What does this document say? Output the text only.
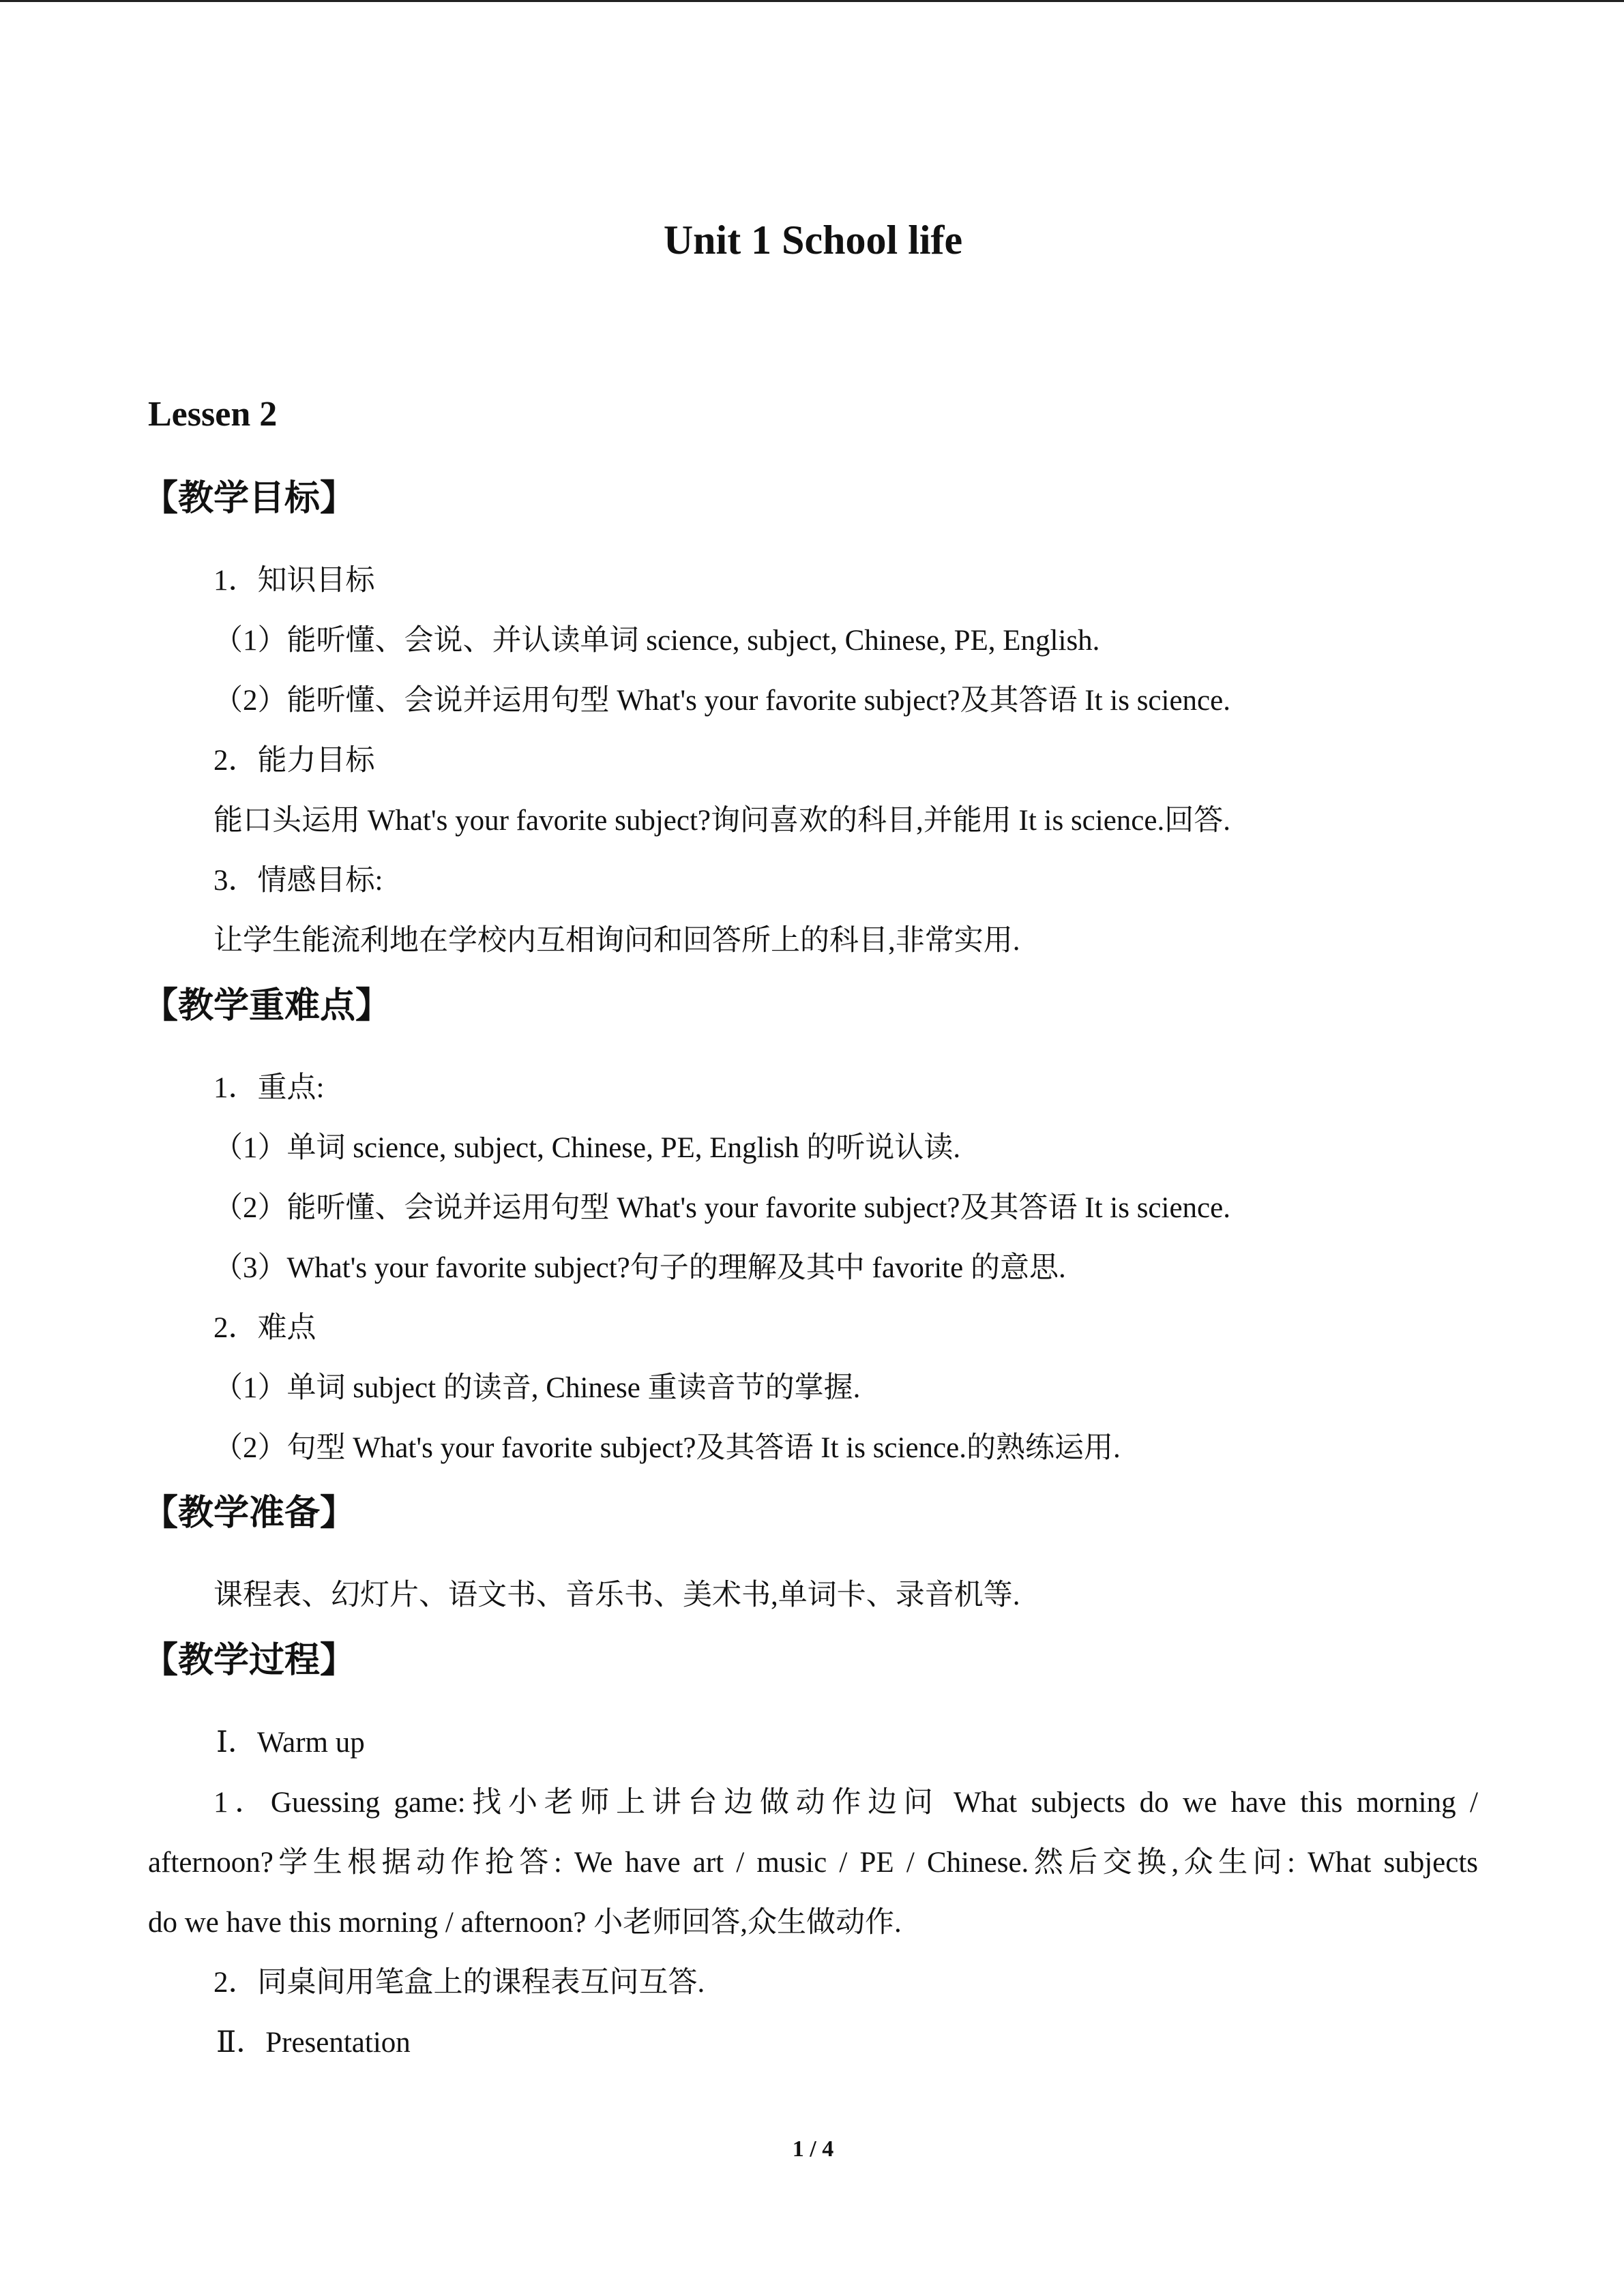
Unit 1 School life
Lessen 2
【教学目标】
1．知识目标
（1）能听懂、会说、并认读单词 science, subject, Chinese, PE, English.
（2）能听懂、会说并运用句型 What's your favorite subject?及其答语 It is science.
2．能力目标
能口头运用 What's your favorite subject?询问喜欢的科目,并能用 It is science.回答.
3．情感目标:
让学生能流利地在学校内互相询问和回答所上的科目,非常实用.
【教学重难点】
1．重点:
（1）单词 science, subject, Chinese, PE, English 的听说认读.
（2）能听懂、会说并运用句型 What's your favorite subject?及其答语 It is science.
（3）What's your favorite subject?句子的理解及其中 favorite 的意思.
2．难点
（1）单词 subject 的读音, Chinese 重读音节的掌握.
（2）句型 What's your favorite subject?及其答语 It is science.的熟练运用.
【教学准备】
课程表、幻灯片、语文书、音乐书、美术书,单词卡、录音机等.
【教学过程】
Ⅰ．Warm up
1．Guessing game:找小老师上讲台边做动作边问 What subjects do we have this morning /
afternoon?学生根据动作抢答: We have art / music / PE / Chinese.然后交换,众生问: What subjects
do we have this morning / afternoon? 小老师回答,众生做动作.
2．同桌间用笔盒上的课程表互问互答.
Ⅱ．Presentation
1 / 4
